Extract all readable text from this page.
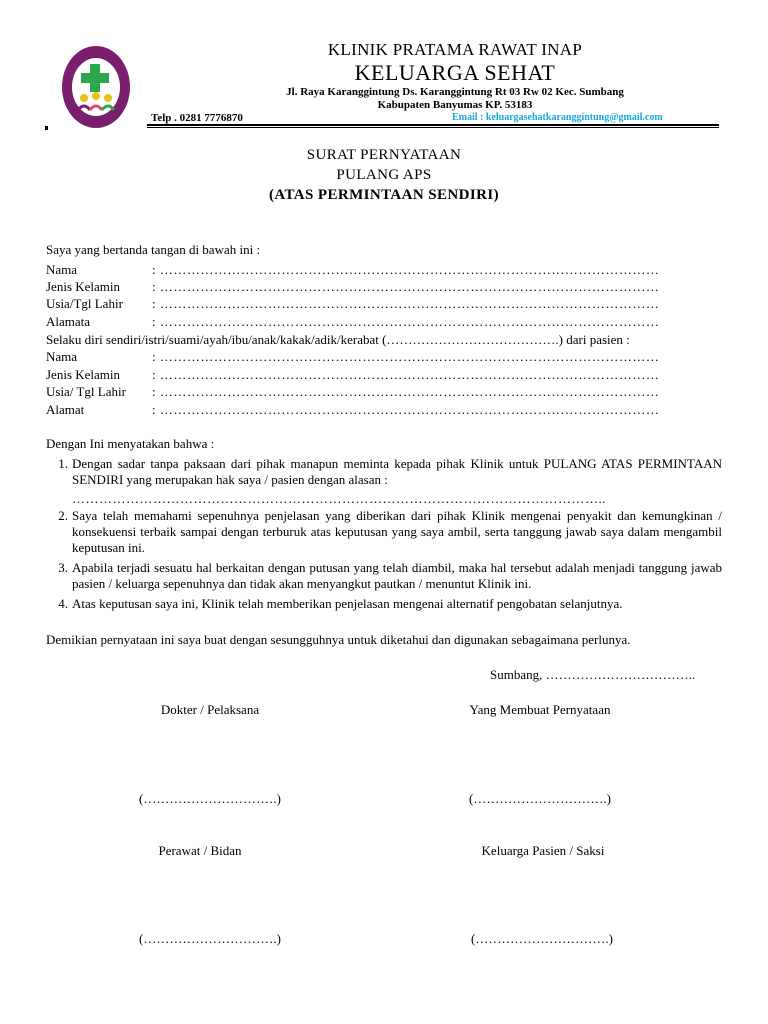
KLINIK PRATAMA RAWAT INAP
KELUARGA SEHAT
Jl. Raya Karanggintung Ds. Karanggintung Rt 03 Rw 02 Kec. Sumbang
Kabupaten Banyumas KP. 53183
Telp . 0281 7776870	Email : keluargasehatkaranggintung@gmail.com
SURAT PERNYATAAN
PULANG APS
(ATAS PERMINTAAN SENDIRI)
Saya yang bertanda tangan di bawah ini :
Nama	: …………………………………………………………………………………………………
Jenis Kelamin : …………………………………………………………………………………………………
Usia/Tgl Lahir : …………………………………………………………………………………………………
Alamata	: …………………………………………………………………………………………………
Selaku diri sendiri/istri/suami/ayah/ibu/anak/kakak/adik/kerabat (………………………………….) dari pasien :
Nama	: …………………………………………………………………………………………………
Jenis Kelamin : …………………………………………………………………………………………………
Usia/ Tgl Lahir : …………………………………………………………………………………………………
Alamat	: …………………………………………………………………………………………………
Dengan Ini menyatakan bahwa :
1. Dengan sadar tanpa paksaan dari pihak manapun meminta kepada pihak Klinik untuk PULANG ATAS PERMINTAAN SENDIRI yang merupakan hak saya / pasien dengan alasan :
………………………………………………………………………………………………………..
2. Saya telah memahami sepenuhnya penjelasan yang diberikan dari pihak Klinik mengenai penyakit dan kemungkinan / konsekuensi terbaik sampai dengan terburuk atas keputusan yang saya ambil, serta tanggung jawab saya dalam mengambil keputusan ini.
3. Apabila terjadi sesuatu hal berkaitan dengan putusan yang telah diambil, maka hal tersebut adalah menjadi tanggung jawab pasien / keluarga sepenuhnya dan tidak akan menyangkut pautkan / menuntut Klinik ini.
4. Atas keputusan saya ini, Klinik telah memberikan penjelasan mengenai alternatif pengobatan selanjutnya.
Demikian pernyataan ini saya buat dengan sesungguhnya untuk diketahui dan digunakan sebagaimana perlunya.
Sumbang, ……………………………..
Dokter / Pelaksana	Yang Membuat Pernyataan
(………………………….)	(………………………….)
Perawat / Bidan	Keluarga Pasien / Saksi
(………………………….)	(………………………….)
